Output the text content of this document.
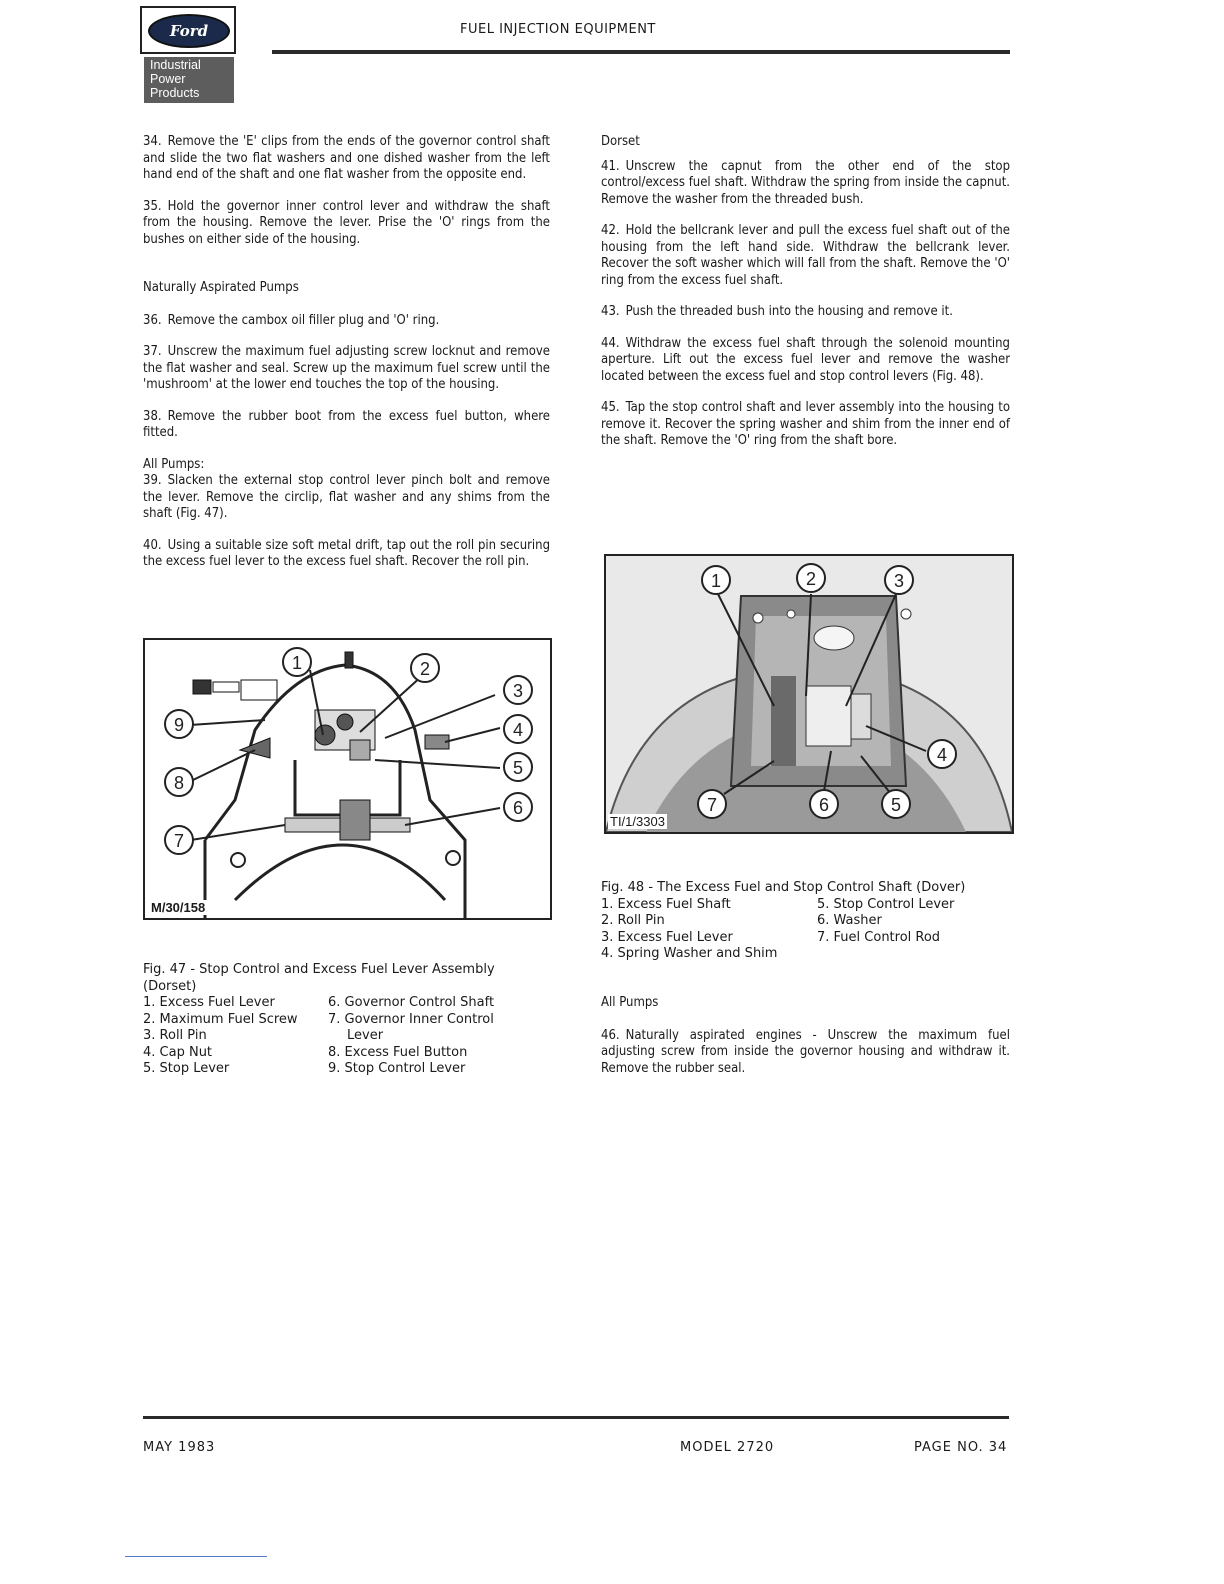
Ford
Industrial
Power
Products
FUEL INJECTION EQUIPMENT

34. Remove the 'E' clips from the ends of the governor control shaft and slide the two flat washers and one dished washer from the left hand end of the shaft and one flat washer from the opposite end.

35. Hold the governor inner control lever and withdraw the shaft from the housing. Remove the lever. Prise the 'O' rings from the bushes on either side of the housing.

Naturally Aspirated Pumps

36. Remove the cambox oil filler plug and 'O' ring.

37. Unscrew the maximum fuel adjusting screw locknut and remove the flat washer and seal. Screw up the maximum fuel screw until the 'mushroom' at the lower end touches the top of the housing.

38. Remove the rubber boot from the excess fuel button, where fitted.

All Pumps:

39. Slacken the external stop control lever pinch bolt and remove the lever. Remove the circlip, flat washer and any shims from the shaft (Fig. 47).

40. Using a suitable size soft metal drift, tap out the roll pin securing the excess fuel lever to the excess fuel shaft. Recover the roll pin.

1	2
3
4
5
6
7
8
9
M/30/158
Fig. 47 - Stop Control and Excess Fuel Lever Assembly (Dorset)
1. Excess Fuel Lever
2. Maximum Fuel Screw
3. Roll Pin
4. Cap Nut
5. Stop Lever
6. Governor Control Shaft
7. Governor Inner Control
Lever
8. Excess Fuel Button
9. Stop Control Lever

Dorset

41. Unscrew the capnut from the other end of the stop control/excess fuel shaft. Withdraw the spring from inside the capnut. Remove the washer from the threaded bush.

42. Hold the bellcrank lever and pull the excess fuel shaft out of the housing from the left hand side. Withdraw the bellcrank lever. Recover the soft washer which will fall from the shaft. Remove the 'O' ring from the excess fuel shaft.

43. Push the threaded bush into the housing and remove it.

44. Withdraw the excess fuel shaft through the solenoid mounting aperture. Lift out the excess fuel lever and remove the washer located between the excess fuel and stop control levers (Fig. 48).

45. Tap the stop control shaft and lever assembly into the housing to remove it. Recover the spring washer and shim from the inner end of the shaft. Remove the 'O' ring from the shaft bore.

1	2	3
4
5
6
7
TI/1/3303
Fig. 48 - The Excess Fuel and Stop Control Shaft (Dover)
1. Excess Fuel Shaft
2. Roll Pin
3. Excess Fuel Lever
4. Spring Washer and Shim
5. Stop Control Lever
6. Washer
7. Fuel Control Rod

All Pumps

46. Naturally aspirated engines - Unscrew the maximum fuel adjusting screw from inside the governor housing and withdraw it. Remove the rubber seal.

MAY 1983	MODEL 2720	PAGE NO. 34
